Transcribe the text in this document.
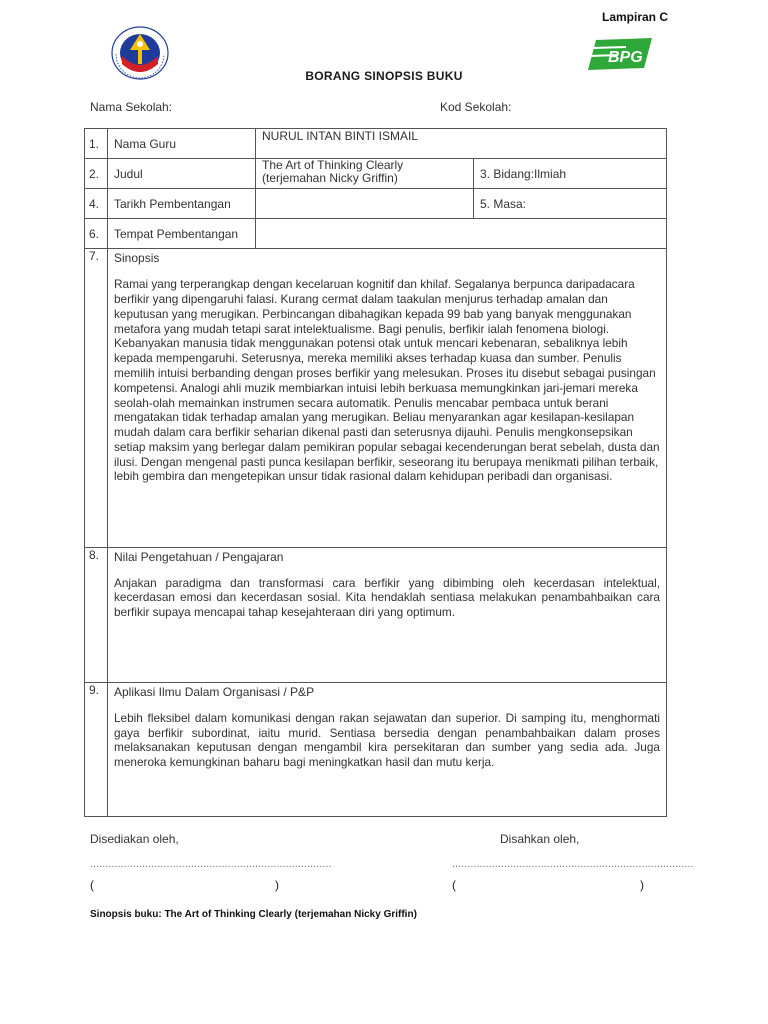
Lampiran C
BPG
BORANG SINOPSIS BUKU
Nama Sekolah:	Kod Sekolah:
1.	Nama Guru	NURUL INTAN BINTI ISMAIL	
2.	Judul	The Art of Thinking Clearly
(terjemahan Nicky Griffin)	3. Bidang:Ilmiah
4.	Tarikh Pembentangan		5. Masa:
6.	Tempat Pembentangan		
7.	Sinopsis
Ramai yang terperangkap dengan kecelaruan kognitif dan khilaf. Segalanya berpunca daripadacara berfikir yang dipengaruhi falasi. Kurang cermat dalam taakulan menjurus terhadap amalan dan keputusan yang merugikan. Perbincangan dibahagikan kepada 99 bab yang banyak menggunakan metafora yang mudah tetapi sarat intelektualisme. Bagi penulis, berfikir ialah fenomena biologi. Kebanyakan manusia tidak menggunakan potensi otak untuk mencari kebenaran, sebaliknya lebih kepada mempengaruhi. Seterusnya, mereka memiliki akses terhadap kuasa dan sumber. Penulis memilih intuisi berbanding dengan proses berfikir yang melesukan. Proses itu disebut sebagai pusingan kompetensi. Analogi ahli muzik membiarkan intuisi lebih berkuasa memungkinkan jari-jemari mereka seolah-olah memainkan instrumen secara automatik. Penulis mencabar pembaca untuk berani mengatakan tidak terhadap amalan yang merugikan. Beliau menyarankan agar kesilapan-kesilapan mudah dalam cara berfikir seharian dikenal pasti dan seterusnya dijauhi. Penulis mengkonsepsikan setiap maksim yang berlegar dalam pemikiran popular sebagai kecenderungan berat sebelah, dusta dan ilusi. Dengan mengenal pasti punca kesilapan berfikir, seseorang itu berupaya menikmati pilihan terbaik, lebih gembira dan mengetepikan unsur tidak rasional dalam kehidupan peribadi dan organisasi.		

8.	Nilai Pengetahuan / Pengajaran
Anjakan paradigma dan transformasi cara berfikir yang dibimbing oleh kecerdasan intelektual, kecerdasan emosi dan kecerdasan sosial. Kita hendaklah sentiasa melakukan penambahbaikan cara berfikir supaya mencapai tahap kesejahteraan diri yang optimum.		

9.	Aplikasi Ilmu Dalam Organisasi / P&P
Lebih fleksibel dalam komunikasi dengan rakan sejawatan dan superior. Di samping itu, menghormati gaya berfikir subordinat, iaitu murid. Sentiasa bersedia dengan penambahbaikan dalam proses melaksanakan keputusan dengan mengambil kira persekitaran dan sumber yang sedia ada. Juga meneroka kemungkinan baharu bagi meningkatkan hasil dan mutu kerja.		
Disediakan oleh,	Disahkan oleh,
...............................................................................	...............................................................................
(	)	(	)
Sinopsis buku: The Art of Thinking Clearly (terjemahan Nicky Griffin)
